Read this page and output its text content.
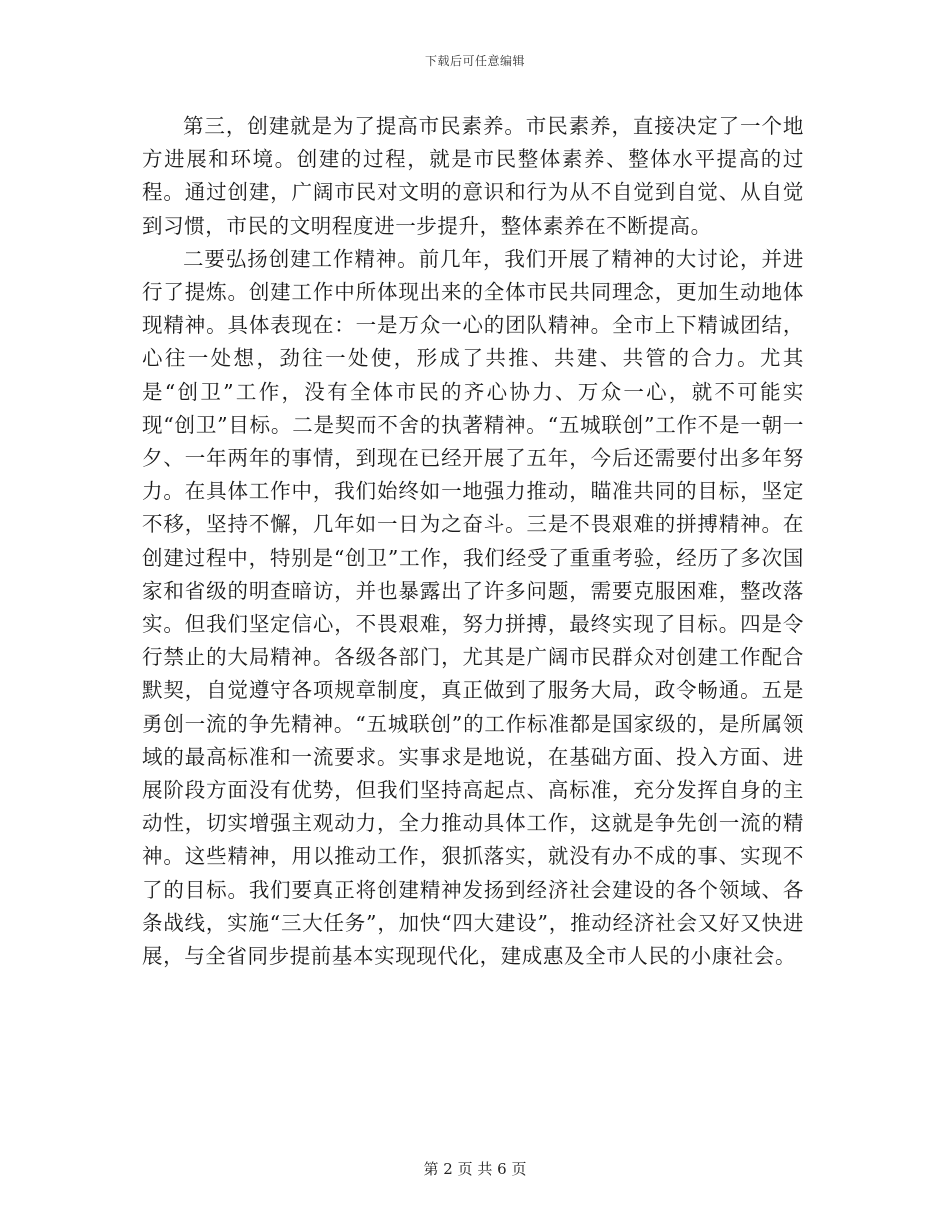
下载后可任意编辑

第三，创建就是为了提高市民素养。市民素养，直接决定了一个地方进展和环境。创建的过程，就是市民整体素养、整体水平提高的过程。通过创建，广阔市民对文明的意识和行为从不自觉到自觉、从自觉到习惯，市民的文明程度进一步提升，整体素养在不断提高。

二要弘扬创建工作精神。前几年，我们开展了精神的大讨论，并进行了提炼。创建工作中所体现出来的全体市民共同理念，更加生动地体现精神。具体表现在：一是万众一心的团队精神。全市上下精诚团结，心往一处想，劲往一处使，形成了共推、共建、共管的合力。尤其是“创卫”工作，没有全体市民的齐心协力、万众一心，就不可能实现“创卫”目标。二是契而不舍的执著精神。“五城联创”工作不是一朝一夕、一年两年的事情，到现在已经开展了五年，今后还需要付出多年努力。在具体工作中，我们始终如一地强力推动，瞄准共同的目标，坚定不移，坚持不懈，几年如一日为之奋斗。三是不畏艰难的拼搏精神。在创建过程中，特别是“创卫”工作，我们经受了重重考验，经历了多次国家和省级的明查暗访，并也暴露出了许多问题，需要克服困难，整改落实。但我们坚定信心，不畏艰难，努力拼搏，最终实现了目标。四是令行禁止的大局精神。各级各部门，尤其是广阔市民群众对创建工作配合默契，自觉遵守各项规章制度，真正做到了服务大局，政令畅通。五是勇创一流的争先精神。“五城联创”的工作标准都是国家级的，是所属领域的最高标准和一流要求。实事求是地说，在基础方面、投入方面、进展阶段方面没有优势，但我们坚持高起点、高标准，充分发挥自身的主动性，切实增强主观动力，全力推动具体工作，这就是争先创一流的精神。这些精神，用以推动工作，狠抓落实，就没有办不成的事、实现不了的目标。我们要真正将创建精神发扬到经济社会建设的各个领域、各条战线，实施“三大任务”，加快“四大建设”，推动经济社会又好又快进展，与全省同步提前基本实现现代化，建成惠及全市人民的小康社会。

第 2 页 共 6 页
